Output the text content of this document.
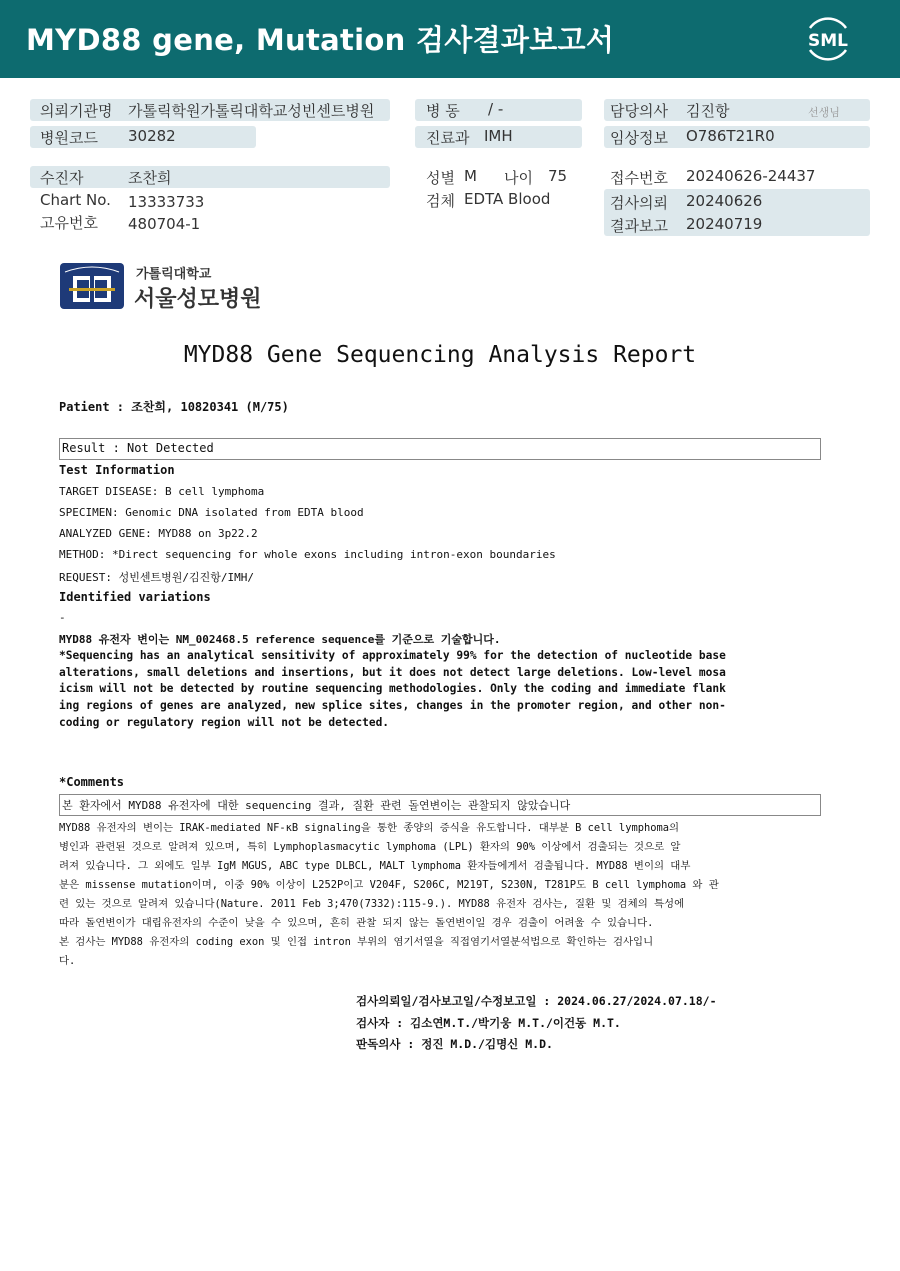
MYD88 gene, Mutation 검사결과보고서	SML
의뢰기관명 가톨릭학원가톨릭대학교성빈센트병원
병원코드 30282
병 동 / -
진료과 IMH
담당의사 김진항	선생님
임상정보 O786T21R0
수진자	조찬희
Chart No. 13333733
고유번호 480704-1
성별 M 나이 75
검체 EDTA Blood
접수번호 20240626-24437
검사의뢰 20240626
결과보고 20240719
가톨릭대학교
서울성모병원
MYD88 Gene Sequencing Analysis Report
Patient : 조찬희, 10820341 (M/75)
Result : Not Detected
Test Information
TARGET DISEASE: B cell lymphoma
SPECIMEN: Genomic DNA isolated from EDTA blood
ANALYZED GENE: MYD88 on 3p22.2
METHOD: *Direct sequencing for whole exons including intron-exon boundaries
REQUEST: 성빈센트병원/김진항/IMH/
Identified variations
-
MYD88 유전자 변이는 NM_002468.5 reference sequence를 기준으로 기술합니다.
*Sequencing has an analytical sensitivity of approximately 99% for the detection of nucleotide base
alterations, small deletions and insertions, but it does not detect large deletions. Low-level mosa
icism will not be detected by routine sequencing methodologies. Only the coding and immediate flank
ing regions of genes are analyzed, new splice sites, changes in the promoter region, and other non-
coding or regulatory region will not be detected.
*Comments
본 환자에서 MYD88 유전자에 대한 sequencing 결과, 질환 관련 돌연변이는 관찰되지 않았습니다
MYD88 유전자의 변이는 IRAK-mediated NF-κB signaling을 통한 종양의 증식을 유도합니다. 대부분 B cell lymphoma의
병인과 관련된 것으로 알려져 있으며, 특히 Lymphoplasmacytic lymphoma (LPL) 환자의 90% 이상에서 검출되는 것으로 알
려져 있습니다. 그 외에도 일부 IgM MGUS, ABC type DLBCL, MALT lymphoma 환자들에게서 검출됩니다. MYD88 변이의 대부
분은 missense mutation이며, 이중 90% 이상이 L252P이고 V204F, S206C, M219T, S230N, T281P도 B cell lymphoma 와 관
련 있는 것으로 알려져 있습니다(Nature. 2011 Feb 3;470(7332):115-9.). MYD88 유전자 검사는, 질환 및 검체의 특성에
따라 돌연변이가 대립유전자의 수준이 낮을 수 있으며, 흔히 관찰 되지 않는 돌연변이일 경우 검출이 어려울 수 있습니다.
본 검사는 MYD88 유전자의 coding exon 및 인접 intron 부위의 염기서열을 직접염기서열분석법으로 확인하는 검사입니
다.
검사의뢰일/검사보고일/수정보고일 : 2024.06.27/2024.07.18/-
검사자 : 김소연M.T./박기웅 M.T./이건동 M.T.
판독의사 : 정진 M.D./김명신 M.D.
